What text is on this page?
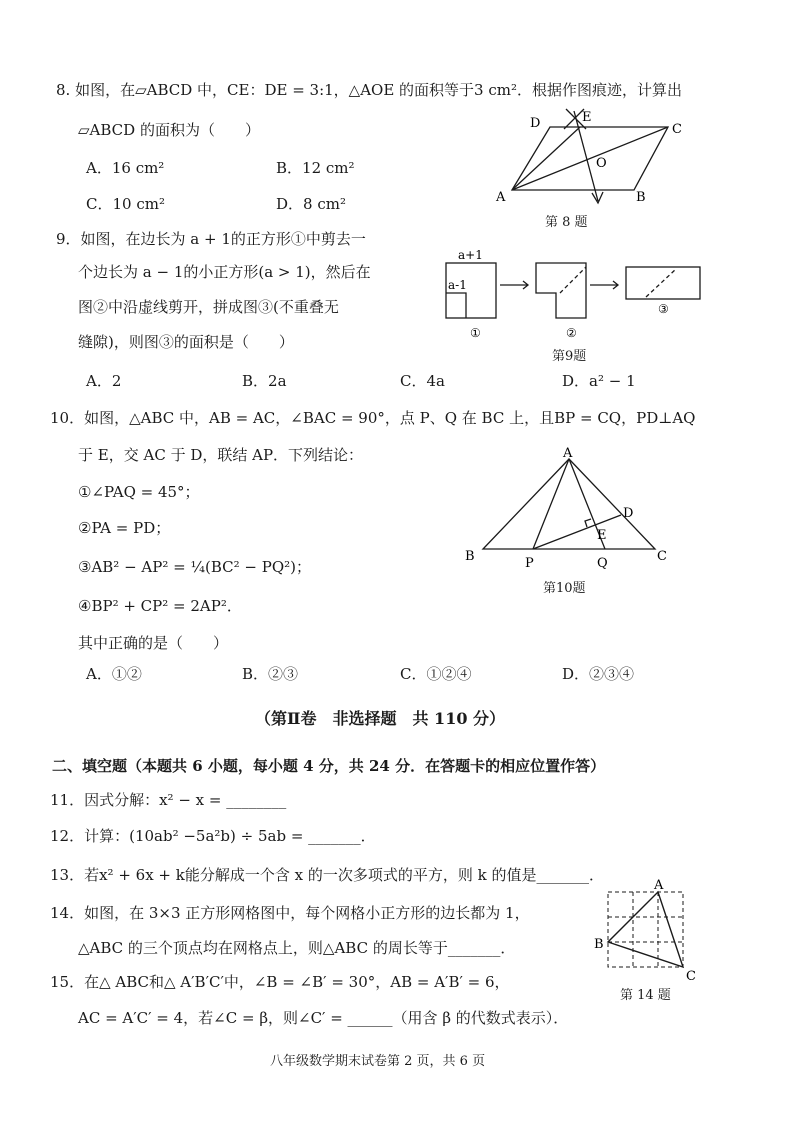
8. 如图，在▱ABCD 中，CE：DE = 3:1，△AOE 的面积等于3 cm²．根据作图痕迹，计算出
▱ABCD 的面积为（　　）
A．16 cm²	B．12 cm²
C．10 cm²	D．8 cm²
D	E
C
O
A	B
第 8 题
9．如图，在边长为 a + 1的正方形①中剪去一
个边长为 a − 1的小正方形(a > 1)，然后在
图②中沿虚线剪开，拼成图③(不重叠无
缝隙)，则图③的面积是（　　）
a+1
a-1
①	②
③
第9题
A．2	B．2a	C．4a	D．a² − 1
10．如图，△ABC 中，AB = AC，∠BAC = 90°，点 P、Q 在 BC 上，且BP = CQ，PD⊥AQ
于 E，交 AC 于 D，联结 AP．下列结论：
①∠PAQ = 45°；
②PA = PD；
③AB² − AP² = ¼(BC² − PQ²)；
④BP² + CP² = 2AP²．
其中正确的是（　　）
A．①②	B．②③	C．①②④	D．②③④
A
B	C
D
E
P	Q
第10题
（第Ⅱ卷　非选择题　共 110 分）
二、填空题（本题共 6 小题，每小题 4 分，共 24 分．在答题卡的相应位置作答）
11．因式分解：x² − x = ________
12．计算：(10ab² −5a²b) ÷ 5ab = _______．
13．若x² + 6x + k能分解成一个含 x 的一次多项式的平方，则 k 的值是_______．
14．如图，在 3×3 正方形网格图中，每个网格小正方形的边长都为 1，
△ABC 的三个顶点均在网格点上，则△ABC 的周长等于_______．
A
B
C
第 14 题
15．在△ ABC和△ A′B′C′中，∠B = ∠B′ = 30°，AB = A′B′ = 6，
AC = A′C′ = 4，若∠C = β，则∠C′ = ______（用含 β 的代数式表示）．
八年级数学期末试卷第 2 页，共 6 页
